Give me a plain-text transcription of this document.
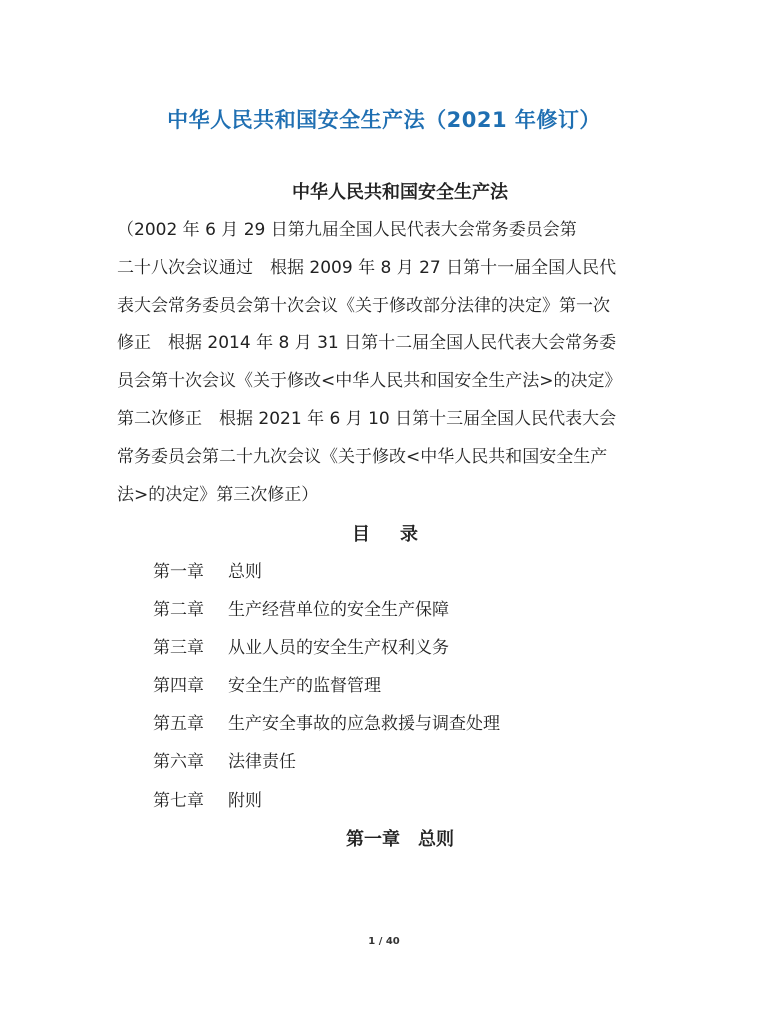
中华人民共和国安全生产法（2021 年修订）
中华人民共和国安全生产法
（2002 年 6 月 29 日第九届全国人民代表大会常务委员会第
二十八次会议通过　根据 2009 年 8 月 27 日第十一届全国人民代
表大会常务委员会第十次会议《关于修改部分法律的决定》第一次
修正　根据 2014 年 8 月 31 日第十二届全国人民代表大会常务委
员会第十次会议《关于修改<中华人民共和国安全生产法>的决定》
第二次修正　根据 2021 年 6 月 10 日第十三届全国人民代表大会
常务委员会第二十九次会议《关于修改<中华人民共和国安全生产
法>的决定》第三次修正）
目录
第一章 总则
第二章 生产经营单位的安全生产保障
第三章 从业人员的安全生产权利义务
第四章 安全生产的监督管理
第五章 生产安全事故的应急救援与调查处理
第六章 法律责任
第七章 附则
第一章 总则
1 / 40
